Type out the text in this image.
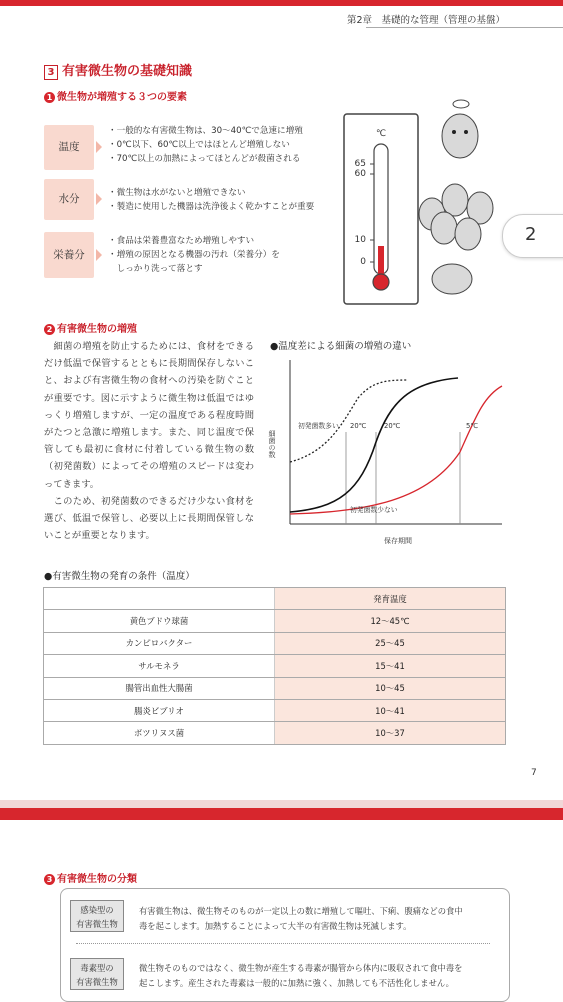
第2章　基礎的な管理（管理の基盤）
3 有害微生物の基礎知識
1 微生物が増殖する３つの要素
温度
・一般的な有害微生物は、30〜40℃で急速に増殖
・0℃以下、60℃以上ではほとんど増殖しない
・70℃以上の加熱によってほとんどが殺菌される
水分	・微生物は水がないと増殖できない
・製造に使用した機器は洗浄後よく乾かすことが重要
栄養分
・食品は栄養豊富なため増殖しやすい
・増殖の原因となる機器の汚れ（栄養分）を
　しっかり洗って落とす
℃
65
60
10
0
2
2 有害微生物の増殖
　細菌の増殖を防止するためには、食材をできるだけ低温で保管するとともに長期間保存しないこと、および有害微生物の食材への汚染を防ぐことが重要です。図に示すように微生物は低温ではゆっくり増殖しますが、一定の温度である程度時間がたつと急激に増殖します。また、同じ温度で保管しても最初に食材に付着している微生物の数（初発菌数）によってその増殖のスピードは変わってきます。
　このため、初発菌数のできるだけ少ない食材を選び、低温で保管し、必要以上に長期間保管しないことが重要となります。
●温度差による細菌の増殖の違い
細菌の数
保存期間
初発菌数多い 20℃	20℃	5℃
初発菌数少ない
●有害微生物の発育の条件（温度）
	発育温度
黄色ブドウ球菌	12〜45℃
カンピロバクター	25〜45
サルモネラ	15〜41
腸管出血性大腸菌	10〜45
腸炎ビブリオ	10〜41
ボツリヌス菌	10〜37
7
3 有害微生物の分類
感染型の
有害微生物
有害微生物は、微生物そのものが一定以上の数に増殖して嘔吐、下痢、腹痛などの食中
毒を起こします。加熱することによって大半の有害微生物は死滅します。
毒素型の
有害微生物
微生物そのものではなく、微生物が産生する毒素が腸管から体内に吸収されて食中毒を
起こします。産生された毒素は一般的に加熱に強く、加熱しても不活性化しません。
